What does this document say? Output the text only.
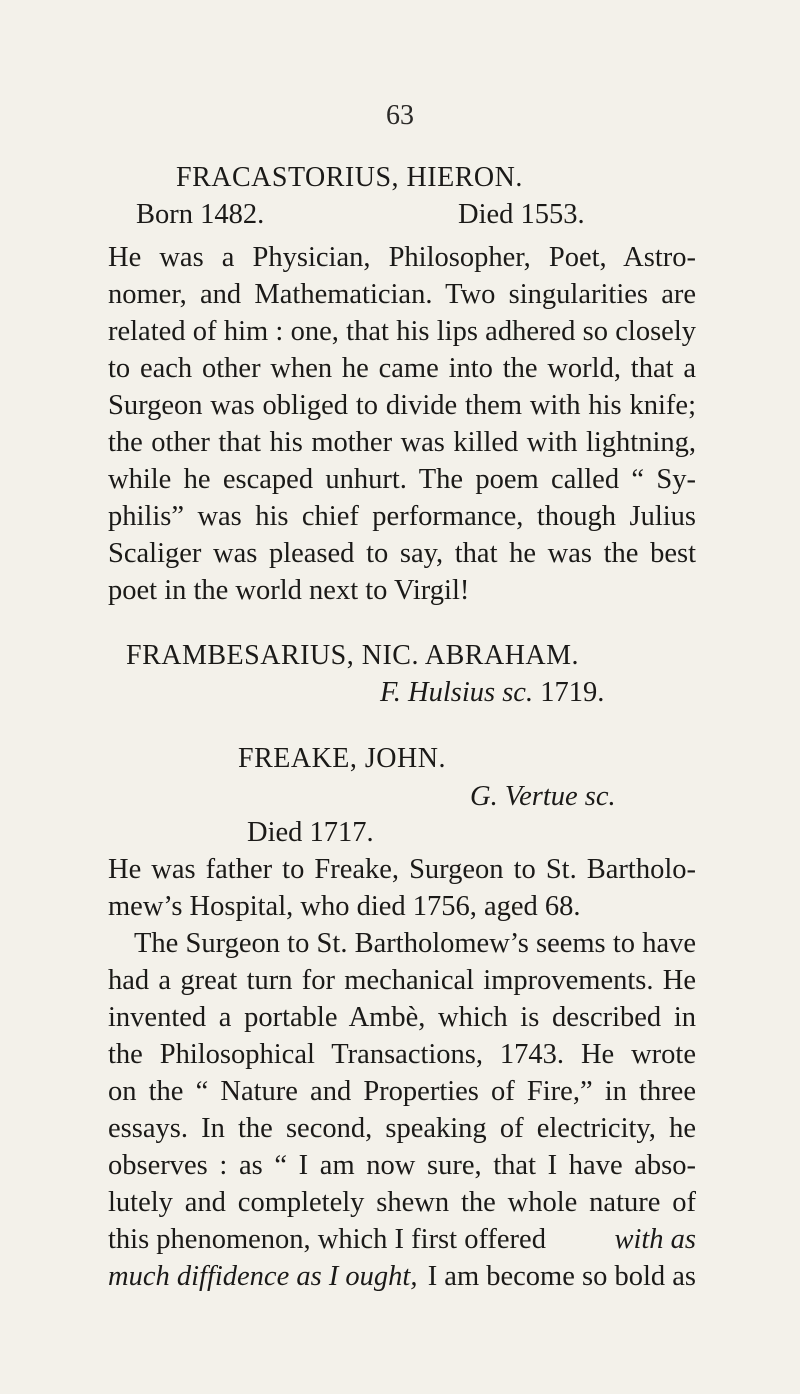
63
FRACASTORIUS, HIERON.
Born 1482.	Died 1553.
He was a Physician, Philosopher, Poet, Astro-
nomer, and Mathematician. Two singularities are
related of him : one, that his lips adhered so closely
to each other when he came into the world, that a
Surgeon was obliged to divide them with his knife;
the other that his mother was killed with lightning,
while he escaped unhurt. The poem called “ Sy-
philis” was his chief performance, though Julius
Scaliger was pleased to say, that he was the best
poet in the world next to Virgil!
FRAMBESARIUS, NIC. ABRAHAM.
F. Hulsius sc. 1719.
FREAKE, JOHN.
G. Vertue sc.
Died 1717.
He was father to Freake, Surgeon to St. Bartholo-
mew’s Hospital, who died 1756, aged 68.
The Surgeon to St. Bartholomew’s seems to have
had a great turn for mechanical improvements. He
invented a portable Ambè, which is described in
the Philosophical Transactions, 1743. He wrote
on the “ Nature and Properties of Fire,” in three
essays. In the second, speaking of electricity, he
observes : as “ I am now sure, that I have abso-
lutely and completely shewn the whole nature of
this phenomenon, which I first offered with as
much diffidence as I ought, I am become so bold as
